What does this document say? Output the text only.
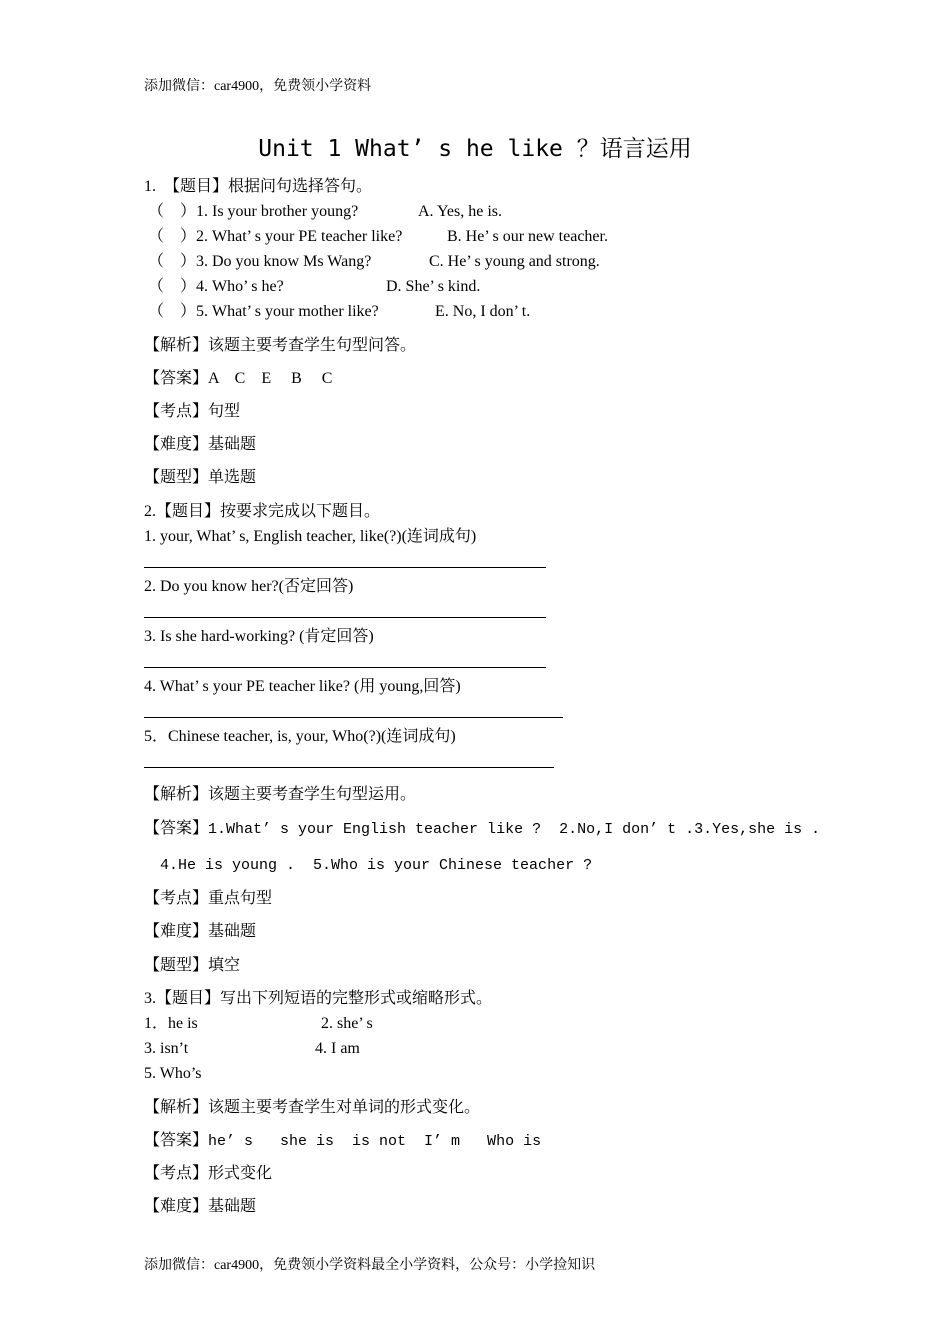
添加微信：car4900，免费领小学资料
Unit 1 What’ s he like ？语言运用
1.　【题目】根据问句选择答句。
（　）1. Is your brother young?	A. Yes, he is.
（　）2. What’ s your PE teacher like?	B. He’ s our new teacher.
（　）3. Do you know Ms Wang?	C. He’ s young and strong.
（　）4. Who’ s he?	D. She’ s kind.
（　）5. What’ s your mother like?	E. No, I don’ t.
【解析】该题主要考查学生句型问答。
【答案】A　C　E　 B　 C
【考点】句型
【难度】基础题
【题型】单选题
2.【题目】按要求完成以下题目。
1. your, What’ s, English teacher, like(?)(连词成句)
2. Do you know her?(否定回答)
3. Is she hard-working? (肯定回答)
4. What’ s your PE teacher like? (用 young,回答)
5．Chinese teacher, is, your, Who(?)(连词成句)
【解析】该题主要考查学生句型运用。
【答案】1.What’ s your English teacher like ?  2.No,I don’ t .3.Yes,she is .
4.He is young .  5.Who is your Chinese teacher ?
【考点】重点句型
【难度】基础题
【题型】填空
3.【题目】写出下列短语的完整形式或缩略形式。
1．he is	2. she’ s
3. isn’t	4. I am
5. Who’s
【解析】该题主要考查学生对单词的形式变化。
【答案】he’ s   she is  is not  I’ m   Who is
【考点】形式变化
【难度】基础题
添加微信：car4900，免费领小学资料最全小学资料，公众号：小学捡知识
